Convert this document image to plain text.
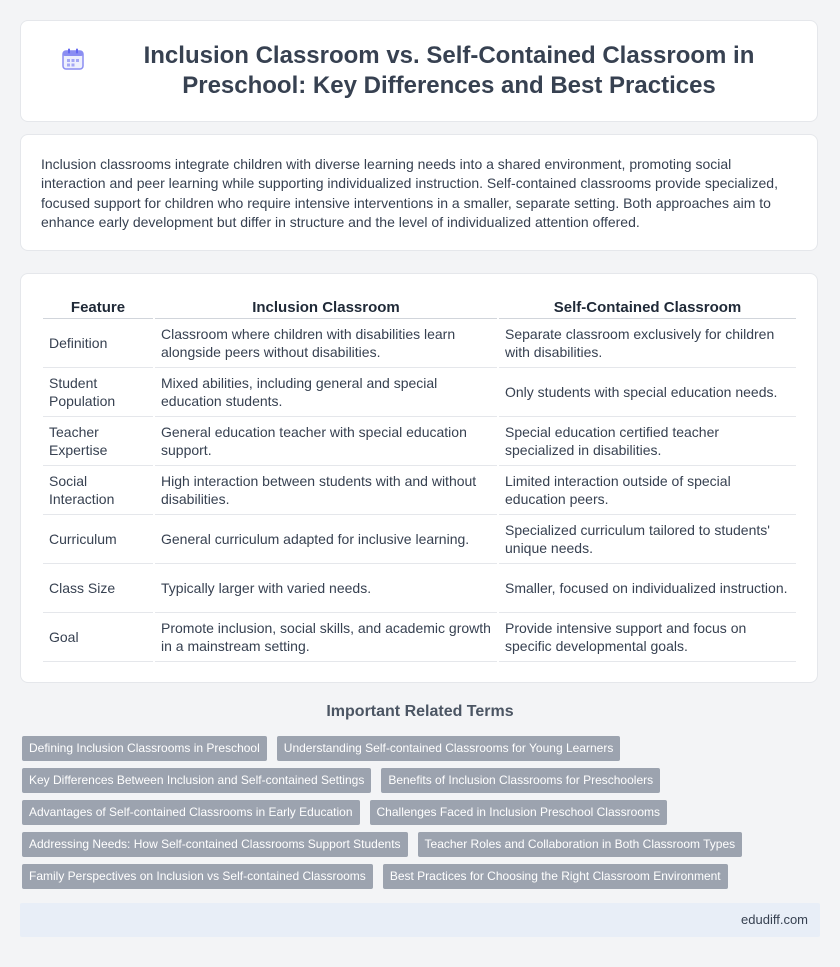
Inclusion Classroom vs. Self-Contained Classroom in Preschool: Key Differences and Best Practices

Inclusion classrooms integrate children with diverse learning needs into a shared environment, promoting social interaction and peer learning while supporting individualized instruction. Self-contained classrooms provide specialized, focused support for children who require intensive interventions in a smaller, separate setting. Both approaches aim to enhance early development but differ in structure and the level of individualized attention offered.

Feature	Inclusion Classroom	Self-Contained Classroom
Definition	Classroom where children with disabilities learn alongside peers without disabilities.	Separate classroom exclusively for children with disabilities.
Student Population	Mixed abilities, including general and special education students.	Only students with special education needs.
Teacher Expertise	General education teacher with special education support.	Special education certified teacher specialized in disabilities.
Social Interaction	High interaction between students with and without disabilities.	Limited interaction outside of special education peers.
Curriculum	General curriculum adapted for inclusive learning.	Specialized curriculum tailored to students' unique needs.
Class Size	Typically larger with varied needs.	Smaller, focused on individualized instruction.
Goal	Promote inclusion, social skills, and academic growth in a mainstream setting.	Provide intensive support and focus on specific developmental goals.
Important Related Terms
Defining Inclusion Classrooms in Preschool	Understanding Self-contained Classrooms for Young Learners
Key Differences Between Inclusion and Self-contained Settings	Benefits of Inclusion Classrooms for Preschoolers
Advantages of Self-contained Classrooms in Early Education	Challenges Faced in Inclusion Preschool Classrooms
Addressing Needs: How Self-contained Classrooms Support Students	Teacher Roles and Collaboration in Both Classroom Types
Family Perspectives on Inclusion vs Self-contained Classrooms	Best Practices for Choosing the Right Classroom Environment
edudiff.com
